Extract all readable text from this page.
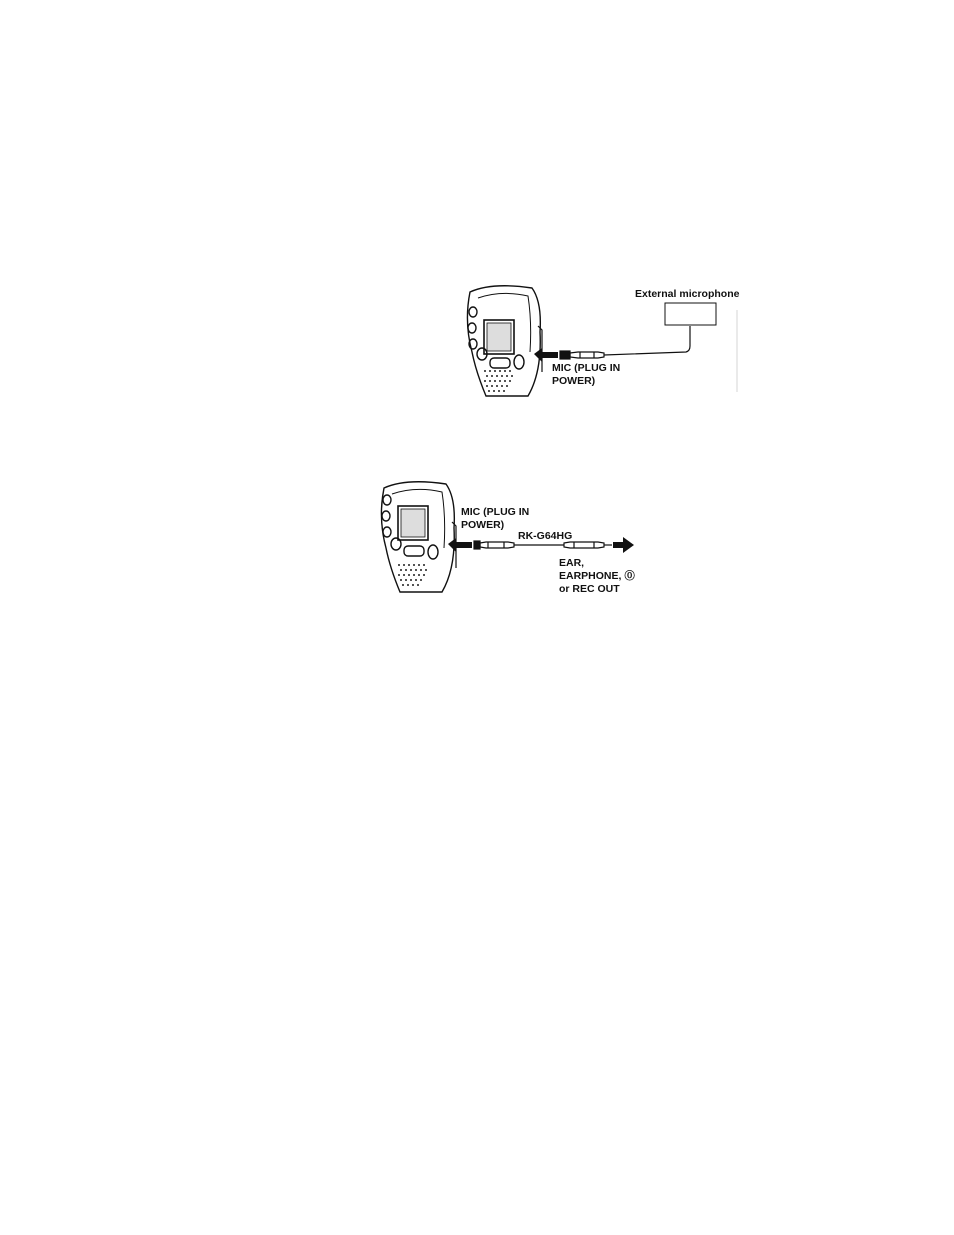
External microphone
MIC (PLUG IN
POWER)
MIC (PLUG IN
POWER)
RK-G64HG
EAR,
EARPHONE, ⓪
or REC OUT
